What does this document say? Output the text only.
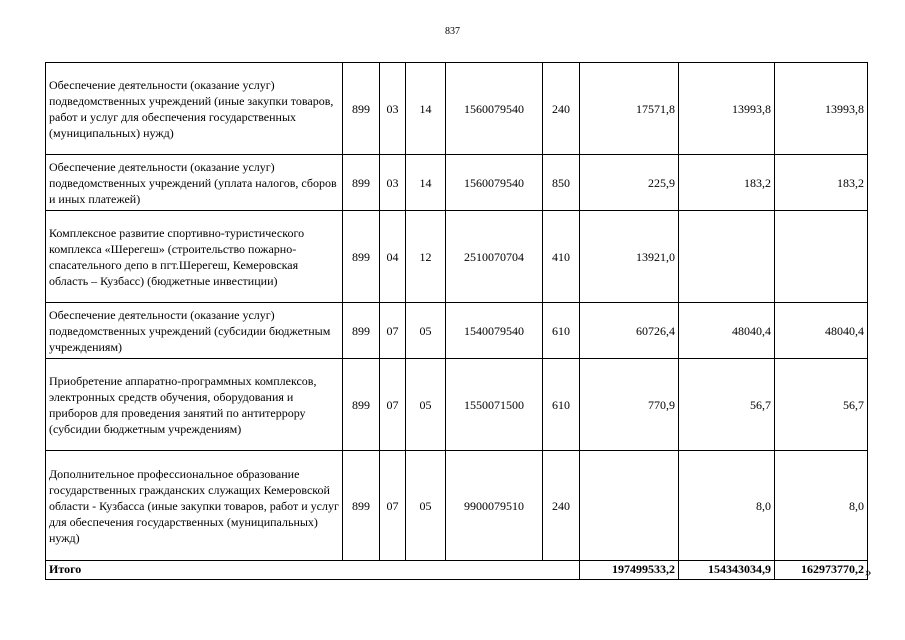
837
Обеспечение деятельности (оказание услуг) подведомственных учреждений (иные закупки товаров, работ и услуг для обеспечения государственных (муниципальных) нужд)	899	03	14	1560079540	240	17571,8	13993,8	13993,8
Обеспечение деятельности (оказание услуг) подведомственных учреждений (уплата налогов, сборов и иных платежей)	899	03	14	1560079540	850	225,9	183,2	183,2
Комплексное развитие спортивно-туристического комплекса «Шерегеш» (строительство пожарно-спасательного депо в пгт.Шерегеш, Кемеровская область – Кузбасс) (бюджетные инвестиции)	899	04	12	2510070704	410	13921,0		
Обеспечение деятельности (оказание услуг) подведомственных учреждений (субсидии бюджетным учреждениям)	899	07	05	1540079540	610	60726,4	48040,4	48040,4
Приобретение аппаратно-программных комплексов, электронных средств обучения, оборудования и приборов для проведения занятий по антитеррору (субсидии бюджетным учреждениям)	899	07	05	1550071500	610	770,9	56,7	56,7
Дополнительное профессиональное образование государственных гражданских служащих Кемеровской области - Кузбасса (иные закупки товаров, работ и услуг для обеспечения государственных (муниципальных) нужд)	899	07	05	9900079510	240		8,0	8,0
Итого						197499533,2	154343034,9	162973770,2 »
